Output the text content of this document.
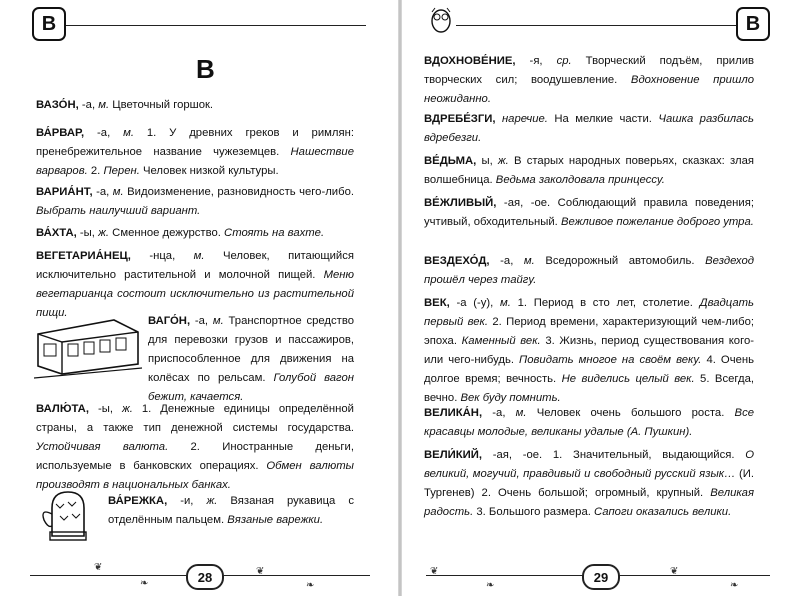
В
В
ВАЗО́Н, -а, м. Цветочный горшок.
ВА́РВАР, -а, м. 1. У древних греков и римлян: пренебрежительное название чужеземцев. Нашествие варваров. 2. Перен. Человек низкой культуры.
ВАРИА́НТ, -а, м. Видоизменение, разновидность чего-либо. Выбрать наилучший вариант.
ВА́ХТА, -ы, ж. Сменное дежурство. Стоять на вахте.
ВЕГЕТАРИА́НЕЦ, -нца, м. Человек, питающийся исключительно растительной и молочной пищей. Меню вегетарианца состоит исключительно из растительной пищи.
ВАГО́Н, -а, м. Транспортное средство для перевозки грузов и пассажиров, приспособленное для движения на колёсах по рельсам. Голубой вагон бежит, качается.
ВАЛЮ́ТА, -ы, ж. 1. Денежные единицы определённой страны, а также тип денежной системы государства. Устойчивая валюта. 2. Иностранные деньги, используемые в банковских операциях. Обмен валюты производят в национальных банках.
ВА́РЕЖКА, -и, ж. Вязаная рукавица с отделённым пальцем. Вязаные варежки.
❦
❧
❦
❧
28
В
ВДОХНОВЕ́НИЕ, -я, ср. Творческий подъём, прилив творческих сил; воодушевление. Вдохновение пришло неожиданно.
ВДРЕБЕ́ЗГИ, наречие. На мелкие части. Чашка разбилась вдребезги.
ВЕ́ДЬМА, ы, ж. В старых народных поверьях, сказках: злая волшебница. Ведьма заколдовала принцессу.
ВЕ́ЖЛИВЫЙ, -ая, -ое. Соблюдающий правила поведения; учтивый, обходительный. Вежливое пожелание доброго утра.
ВЕЗДЕХО́Д, -а, м. Вседорожный автомобиль. Вездеход прошёл через тайгу.
ВЕК, -а (-у), м. 1. Период в сто лет, столетие. Двадцать первый век. 2. Период времени, характеризующий чем-либо; эпоха. Каменный век. 3. Жизнь, период существования кого- или чего-нибудь. Повидать многое на своём веку. 4. Очень долгое время; вечность. Не виделись целый век. 5. Всегда, вечно. Век буду помнить.
ВЕЛИКА́Н, -а, м. Человек очень большого роста. Все красавцы молодые, великаны удалые (А. Пушкин).
ВЕЛИ́КИЙ, -ая, -ое. 1. Значительный, выдающийся. О великий, могучий, правдивый и свободный русский язык… (И. Тургенев) 2. Очень большой; огромный, крупный. Великая радость. 3. Большого размера. Сапоги оказались велики.
❦
❧
❦
❧
29
